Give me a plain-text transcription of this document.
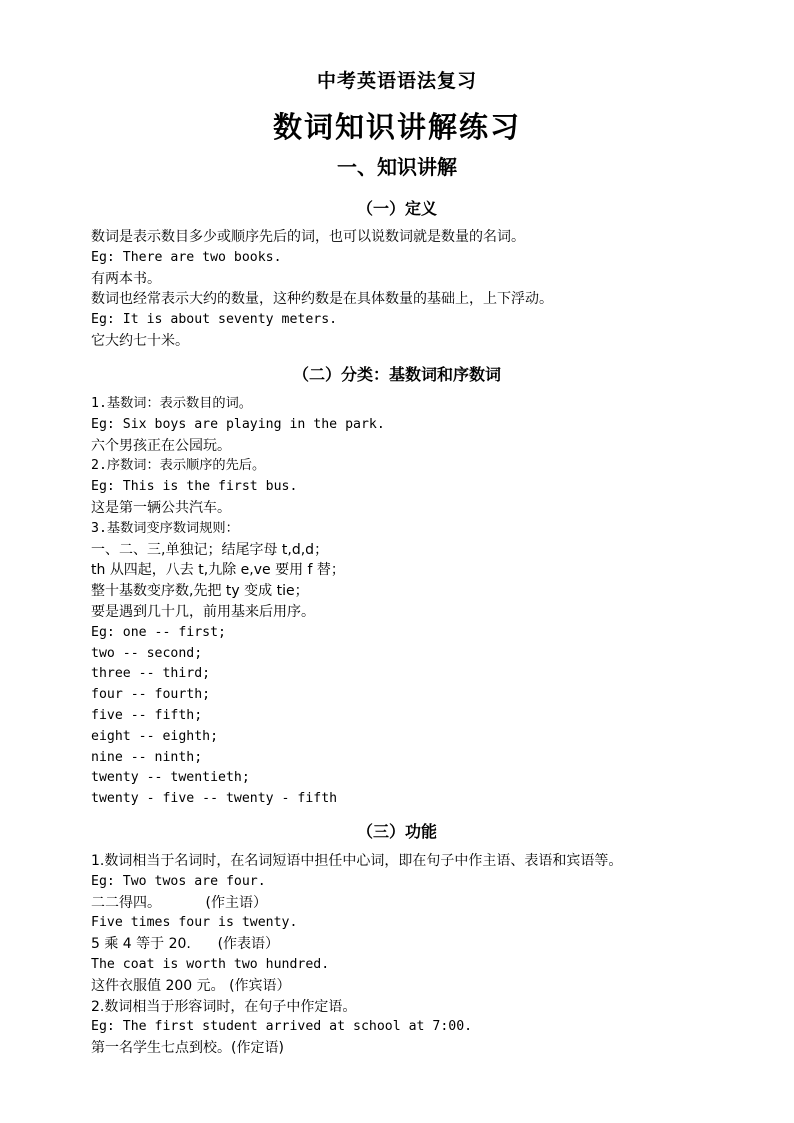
中考英语语法复习
数词知识讲解练习
一、知识讲解
（一）定义
数词是表示数目多少或顺序先后的词，也可以说数词就是数量的名词。
Eg: There are two books.
有两本书。
数词也经常表示大约的数量，这种约数是在具体数量的基础上，上下浮动。
Eg: It is about seventy meters.
它大约七十米。
（二）分类：基数词和序数词
1.基数词：表示数目的词。
Eg: Six boys are playing in the park.
六个男孩正在公园玩。
2.序数词：表示顺序的先后。
Eg: This is the first bus.
这是第一辆公共汽车。
3.基数词变序数词规则：
一、二、三,单独记；结尾字母 t,d,d；
th 从四起，八去 t,九除 e,ve 要用 f 替；
整十基数变序数,先把 ty 变成 tie；
要是遇到几十几，前用基来后用序。
Eg: one -- first;
two -- second;
three -- third;
four -- fourth;
five -- fifth;
eight -- eighth;
nine -- ninth;
twenty -- twentieth;
twenty - five -- twenty - fifth
（三）功能
1.数词相当于名词时，在名词短语中担任中心词，即在句子中作主语、表语和宾语等。
Eg: Two twos are four.
二二得四。          (作主语）
Five times four is twenty.
5 乘 4 等于 20.      (作表语）
The coat is worth two hundred.
这件衣服值 200 元。 (作宾语）
2.数词相当于形容词时，在句子中作定语。
Eg: The first student arrived at school at 7:00.
第一名学生七点到校。(作定语)
